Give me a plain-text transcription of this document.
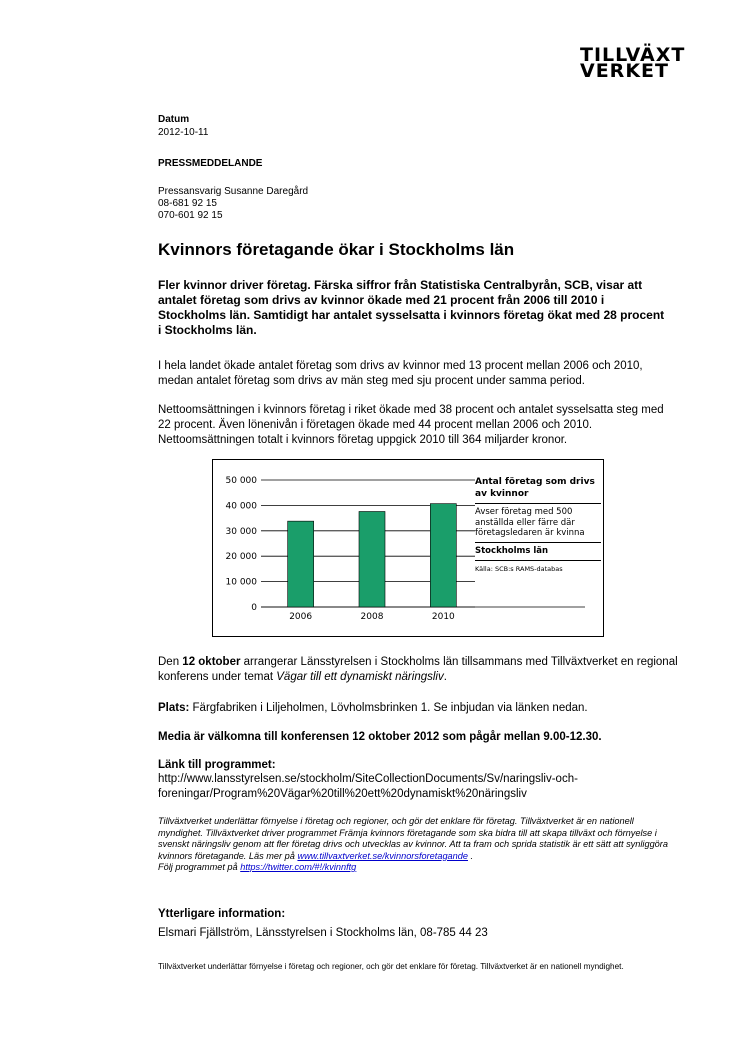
TILLVÄXT
VERKET
Datum
2012-10-11
PRESSMEDDELANDE
Pressansvarig Susanne Daregård
08-681 92 15
070-601 92 15
Kvinnors företagande ökar i Stockholms län
Fler kvinnor driver företag. Färska siffror från Statistiska Centralbyrån, SCB, visar att antalet företag som drivs av kvinnor ökade med 21 procent från 2006 till 2010 i Stockholms län. Samtidigt har antalet sysselsatta i kvinnors företag ökat med 28 procent i Stockholms län.
I hela landet ökade antalet företag som drivs av kvinnor med 13 procent mellan 2006 och 2010, medan antalet företag som drivs av män steg med sju procent under samma period.
Nettoomsättningen i kvinnors företag i riket ökade med 38 procent och antalet sysselsatta steg med 22 procent. Även lönenivån i företagen ökade med 44 procent mellan 2006 och 2010. Nettoomsättningen totalt i kvinnors företag uppgick 2010 till 364 miljarder kronor.
50 000
40 000
30 000
20 000
10 000
0
2006	2008	2010
Antal företag som drivs av kvinnor
Avser företag med 500 anställda eller färre där företagsledaren är kvinna
Stockholms län
Källa: SCB:s RAMS-databas
Den 12 oktober arrangerar Länsstyrelsen i Stockholms län tillsammans med Tillväxtverket en regional konferens under temat Vägar till ett dynamiskt näringsliv.
Plats: Färgfabriken i Liljeholmen, Lövholmsbrinken 1. Se inbjudan via länken nedan.
Media är välkomna till konferensen 12 oktober 2012 som pågår mellan 9.00-12.30.
Länk till programmet:
http://www.lansstyrelsen.se/stockholm/SiteCollectionDocuments/Sv/naringsliv-och-
foreningar/Program%20Vägar%20till%20ett%20dynamiskt%20näringsliv
Tillväxtverket underlättar förnyelse i företag och regioner, och gör det enklare för företag. Tillväxtverket är en nationell myndighet. Tillväxtverket driver programmet Främja kvinnors företagande som ska bidra till att skapa tillväxt och förnyelse i svenskt näringsliv genom att fler företag drivs och utvecklas av kvinnor. Att ta fram och sprida statistik är ett sätt att synliggöra kvinnors företagande. Läs mer på www.tillvaxtverket.se/kvinnorsforetagande .
Följ programmet på https://twitter.com/#!/kvinnftg
Ytterligare information:
Elsmari Fjällström, Länsstyrelsen i Stockholms län, 08-785 44 23
Tillväxtverket underlättar förnyelse i företag och regioner, och gör det enklare för företag. Tillväxtverket är en nationell myndighet.
